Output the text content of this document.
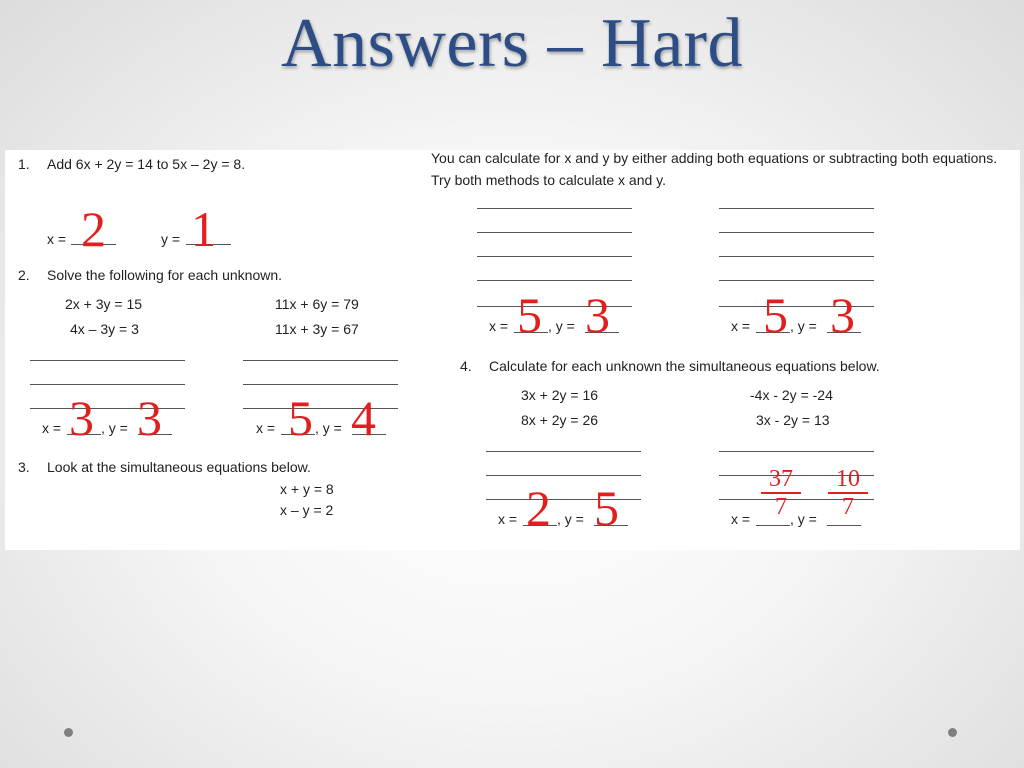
Answers – Hard
1. Add 6x + 2y = 14 to 5x – 2y = 8.
x = 2	y = 1
2. Solve the following for each unknown.
2x + 3y = 15
4x – 3y = 3
x = 3 , y = 3
11x + 6y = 79
11x + 3y = 67
x = 5 , y = 4
3. Look at the simultaneous equations below.
x + y = 8
x – y = 2
You can calculate for x and y by either adding both equations or subtracting both equations. Try both methods to calculate x and y.
x = 5 , y = 3	x = 5 , y = 3
4. Calculate for each unknown the simultaneous equations below.
3x + 2y = 16
8x + 2y = 26
x = 2 , y = 5
-4x - 2y = -24
3x - 2y = 13
$x = \frac{37}{7}$
, $y = \frac{10}{7}$
